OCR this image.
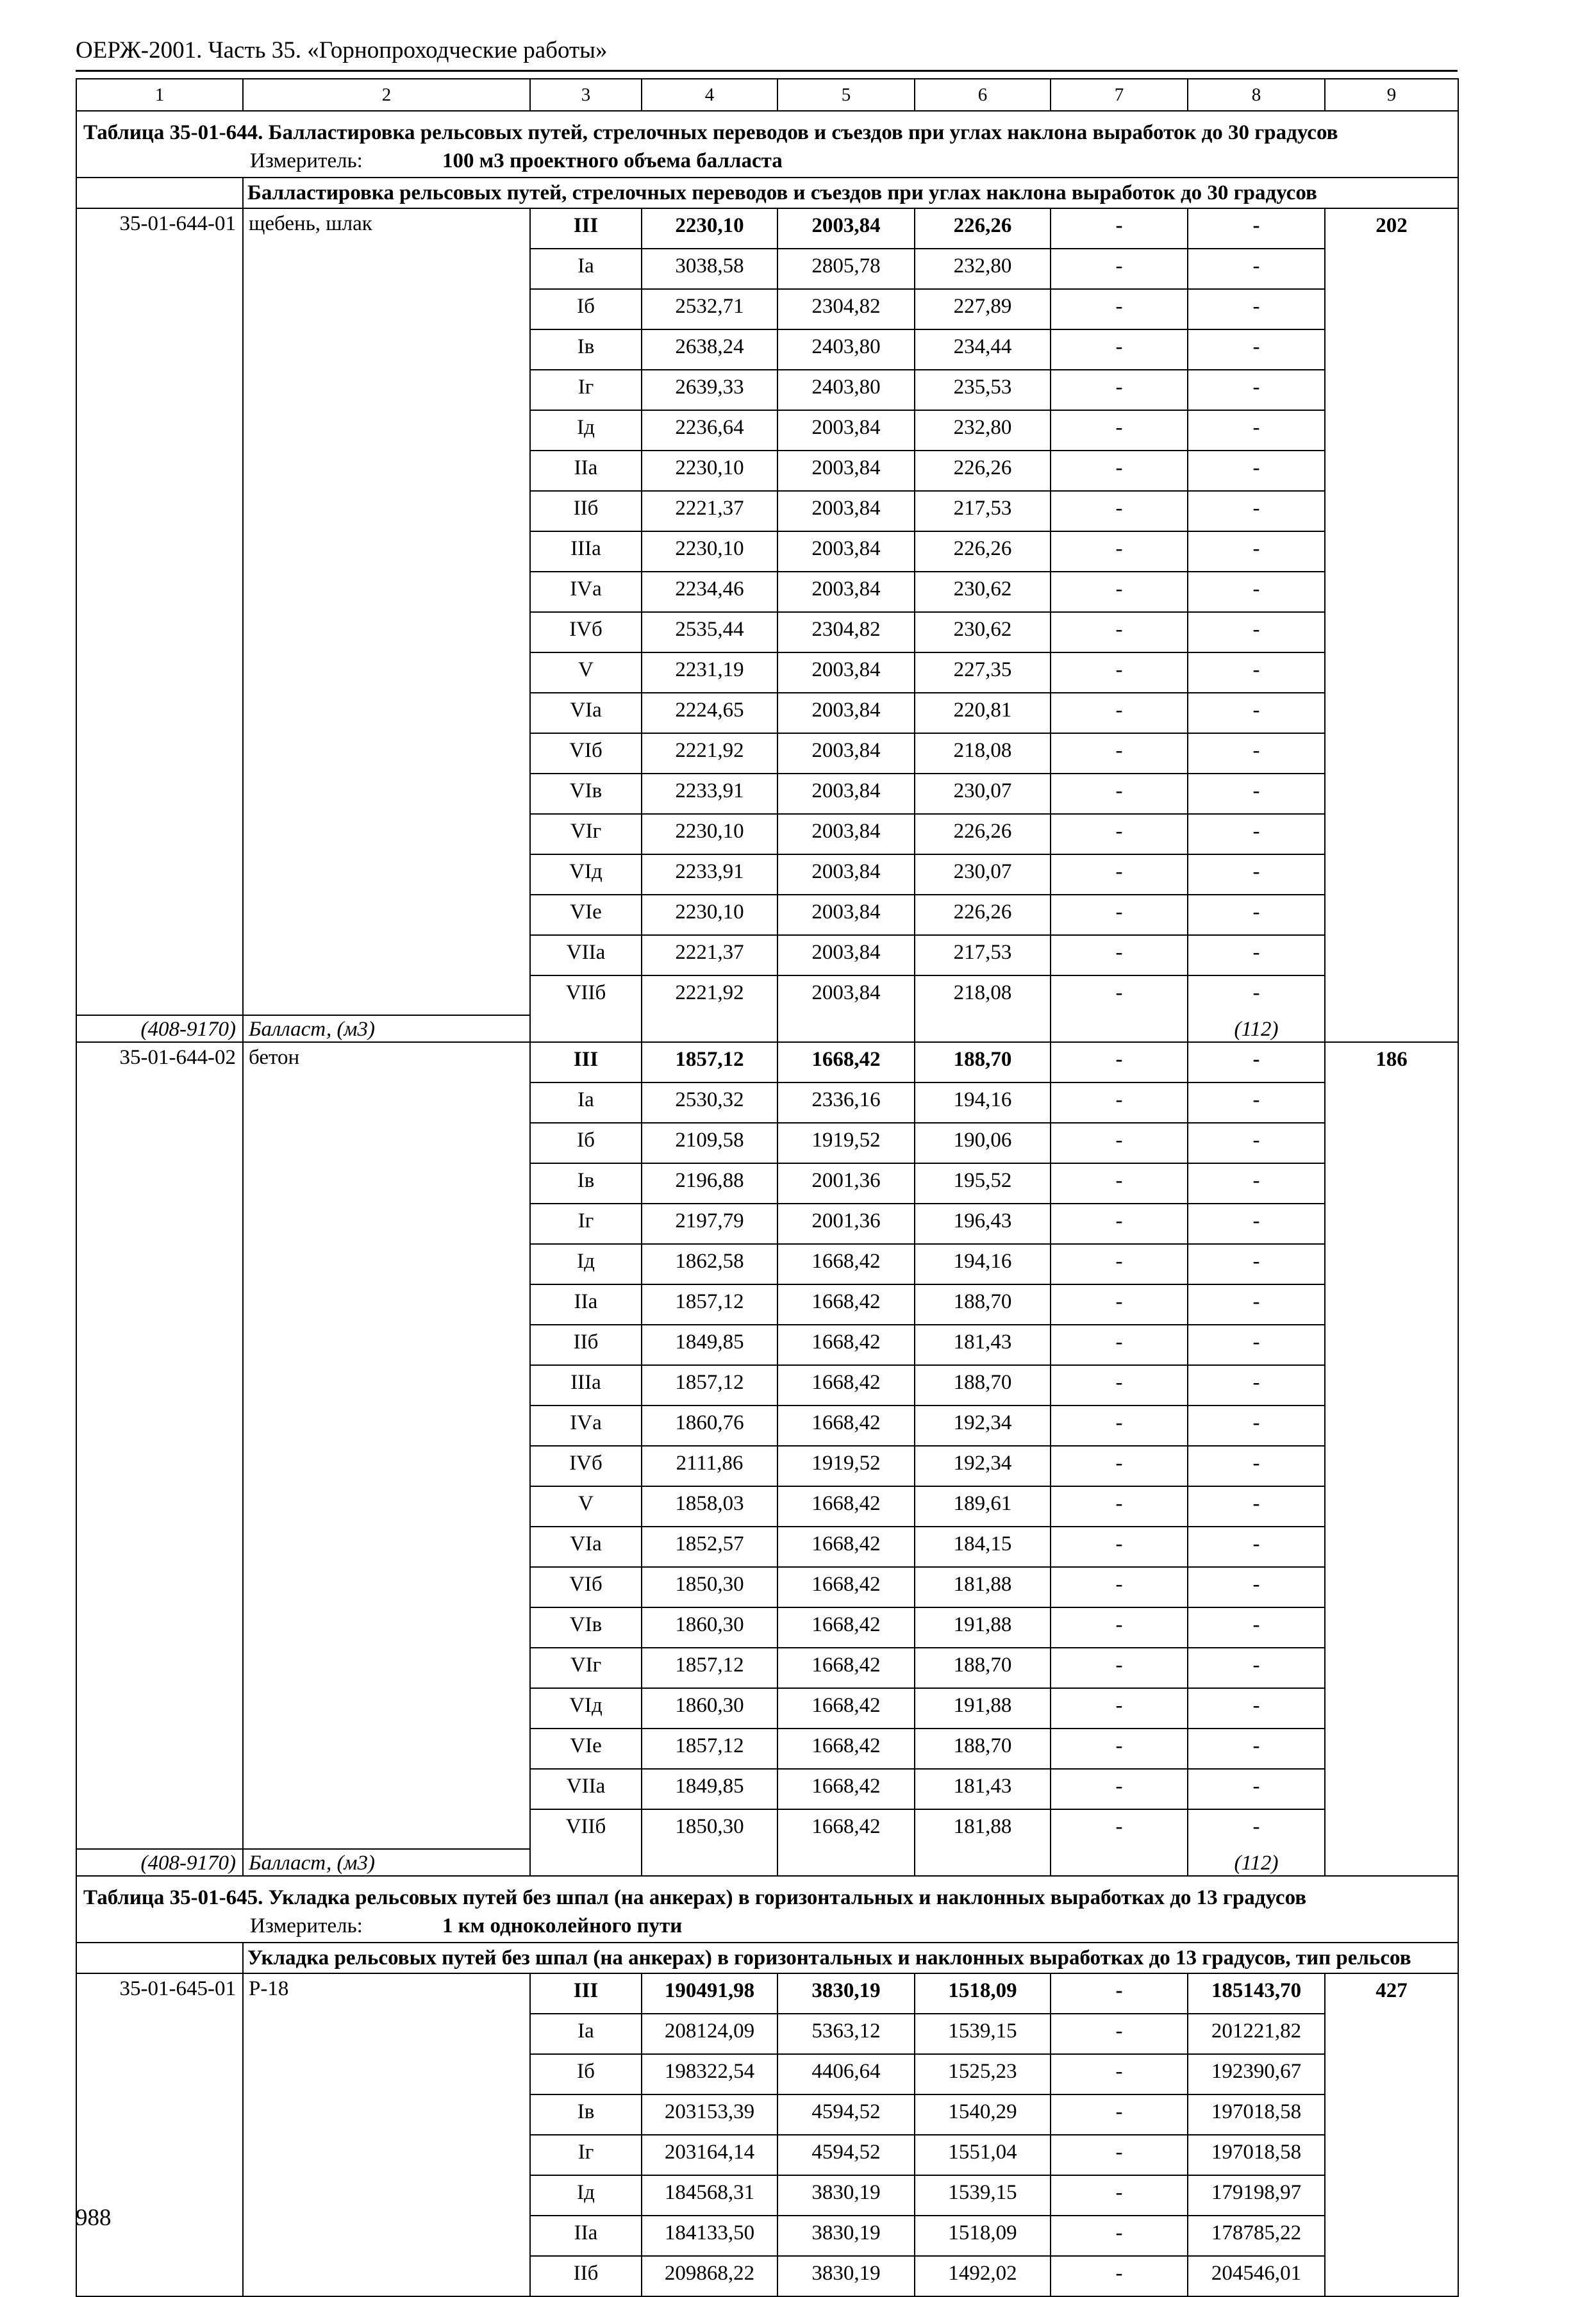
ОЕРЖ-2001. Часть 35. «Горнопроходческие работы»
1	2	3	4	5	6	7	8	9
Таблица 35-01-644. Балластировка рельсовых путей, стрелочных переводов и съездов при углах наклона выработок до 30 градусов								
Измеритель: 100 м3 проектного объема балласта								
	Балластировка рельсовых путей, стрелочных переводов и съездов при углах наклона выработок до 30 градусов							
35-01-644-01	щебень, шлак	III	2230,10	2003,84	226,26	-	-	202
		Iа	3038,58	2805,78	232,80	-	-	
		Iб	2532,71	2304,82	227,89	-	-	
		Iв	2638,24	2403,80	234,44	-	-	
		Iг	2639,33	2403,80	235,53	-	-	
		Iд	2236,64	2003,84	232,80	-	-	
		IIа	2230,10	2003,84	226,26	-	-	
		IIб	2221,37	2003,84	217,53	-	-	
		IIIа	2230,10	2003,84	226,26	-	-	
		IVа	2234,46	2003,84	230,62	-	-	
		IVб	2535,44	2304,82	230,62	-	-	
		V	2231,19	2003,84	227,35	-	-	
		VIа	2224,65	2003,84	220,81	-	-	
		VIб	2221,92	2003,84	218,08	-	-	
		VIв	2233,91	2003,84	230,07	-	-	
		VIг	2230,10	2003,84	226,26	-	-	
		VIд	2233,91	2003,84	230,07	-	-	
		VIе	2230,10	2003,84	226,26	-	-	
		VIIа	2221,37	2003,84	217,53	-	-	
		VIIб	2221,92	2003,84	218,08	-	-	
(408-9170)	Балласт, (м3)						(112)	
35-01-644-02	бетон	III	1857,12	1668,42	188,70	-	-	186
		Iа	2530,32	2336,16	194,16	-	-	
		Iб	2109,58	1919,52	190,06	-	-	
		Iв	2196,88	2001,36	195,52	-	-	
		Iг	2197,79	2001,36	196,43	-	-	
		Iд	1862,58	1668,42	194,16	-	-	
		IIа	1857,12	1668,42	188,70	-	-	
		IIб	1849,85	1668,42	181,43	-	-	
		IIIа	1857,12	1668,42	188,70	-	-	
		IVа	1860,76	1668,42	192,34	-	-	
		IVб	2111,86	1919,52	192,34	-	-	
		V	1858,03	1668,42	189,61	-	-	
		VIа	1852,57	1668,42	184,15	-	-	
		VIб	1850,30	1668,42	181,88	-	-	
		VIв	1860,30	1668,42	191,88	-	-	
		VIг	1857,12	1668,42	188,70	-	-	
		VIд	1860,30	1668,42	191,88	-	-	
		VIе	1857,12	1668,42	188,70	-	-	
		VIIа	1849,85	1668,42	181,43	-	-	
		VIIб	1850,30	1668,42	181,88	-	-	
(408-9170)	Балласт, (м3)						(112)	
Таблица 35-01-645. Укладка рельсовых путей без шпал (на анкерах) в горизонтальных и наклонных выработках до 13 градусов								
Измеритель: 1 км одноколейного пути								
	Укладка рельсовых путей без шпал (на анкерах) в горизонтальных и наклонных выработках до 13 градусов, тип рельсов							
35-01-645-01	Р-18	III	190491,98	3830,19	1518,09	-	185143,70	427
		Iа	208124,09	5363,12	1539,15	-	201221,82	
		Iб	198322,54	4406,64	1525,23	-	192390,67	
		Iв	203153,39	4594,52	1540,29	-	197018,58	
		Iг	203164,14	4594,52	1551,04	-	197018,58	
		Iд	184568,31	3830,19	1539,15	-	179198,97	
		IIа	184133,50	3830,19	1518,09	-	178785,22	
		IIб	209868,22	3830,19	1492,02	-	204546,01	
988
